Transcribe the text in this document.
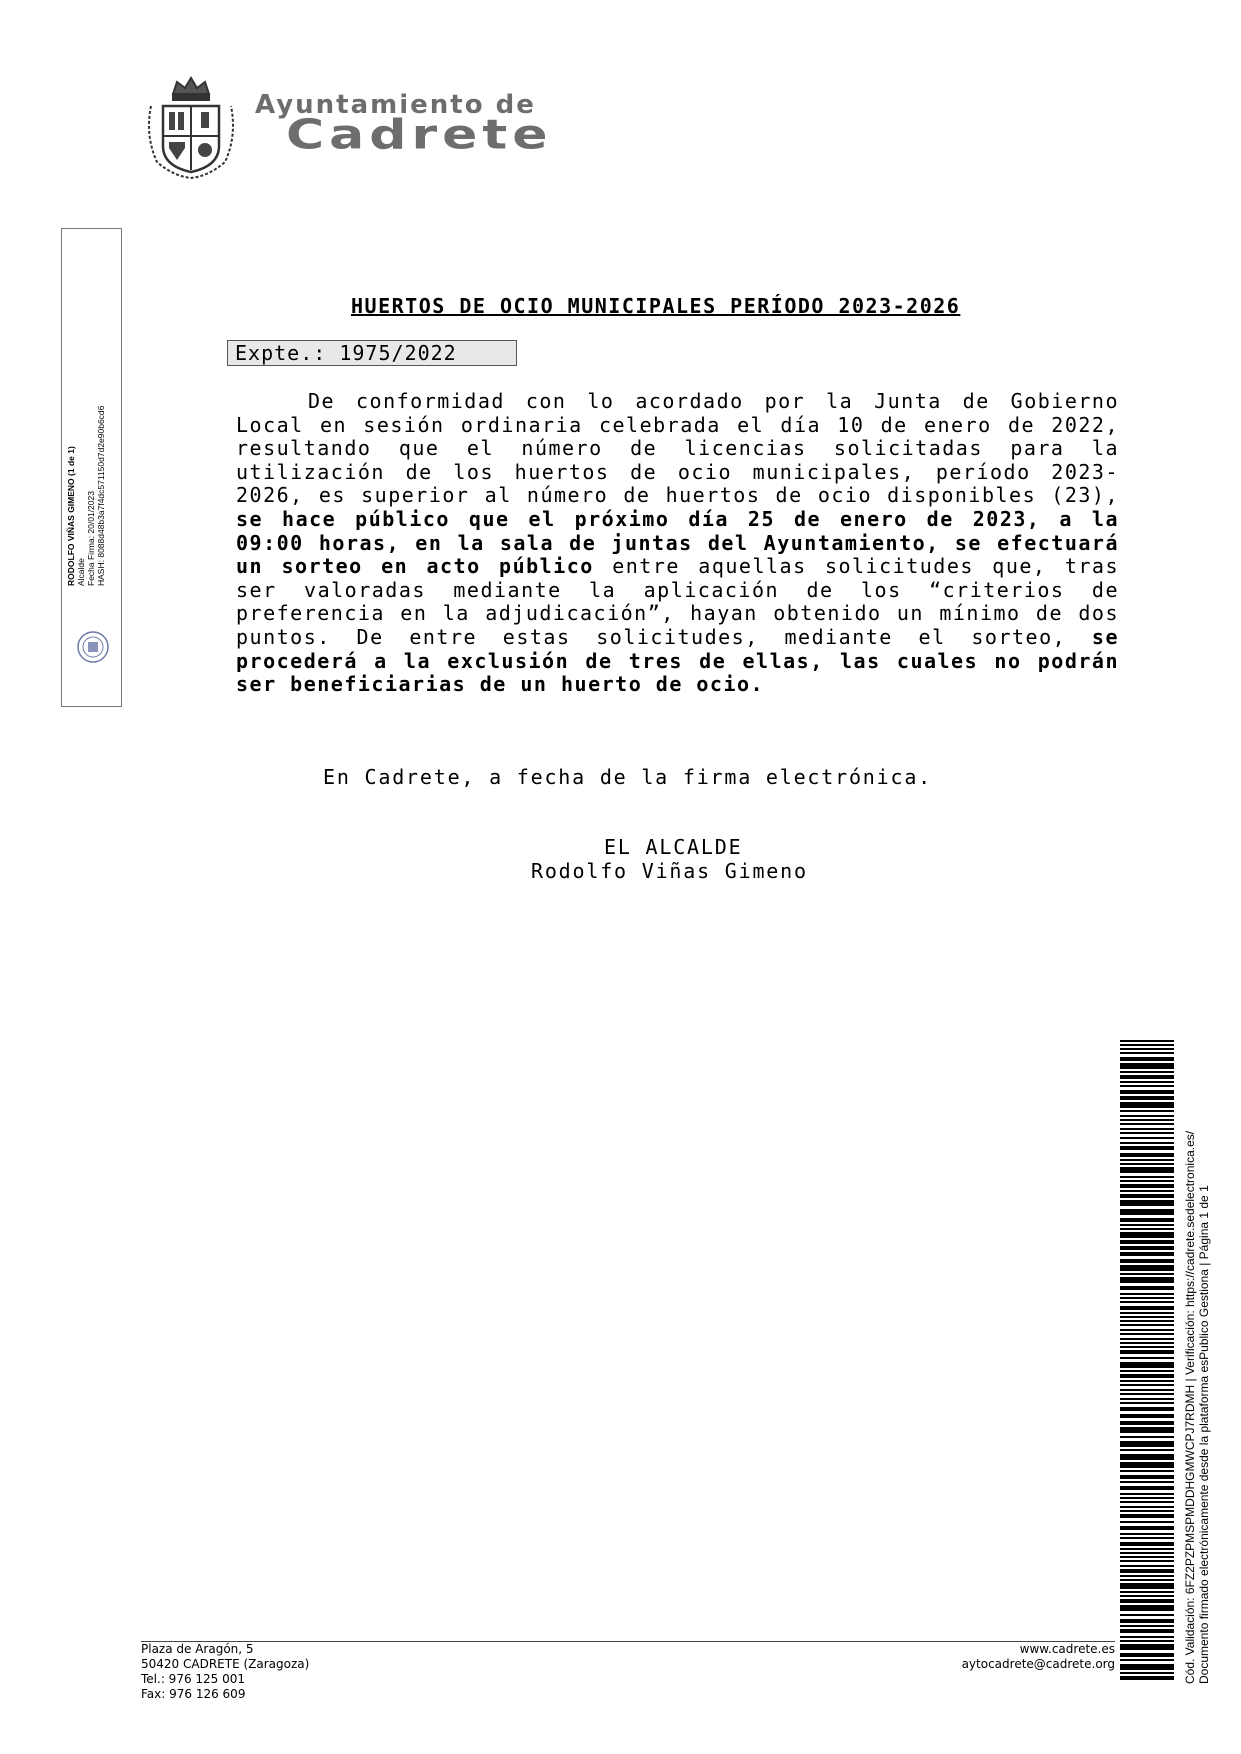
Ayuntamiento de
Cadrete
RODOLFO VIÑAS GIMENO (1 de 1) Alcalde Fecha Firma: 20/01/2023 HASH: 8088d48b3a7f4dc571150d7d2e90b6cd6
HUERTOS DE OCIO MUNICIPALES PERÍODO 2023-2026
Expte.: 1975/2022
De conformidad con lo acordado por la Junta de Gobierno Local en sesión ordinaria celebrada el día 10 de enero de 2022, resultando que el número de licencias solicitadas para la utilización de los huertos de ocio municipales, período 2023-2026, es superior al número de huertos de ocio disponibles (23), se hace público que el próximo día 25 de enero de 2023, a la 09:00 horas, en la sala de juntas del Ayuntamiento, se efectuará un sorteo en acto público entre aquellas solicitudes que, tras ser valoradas mediante la aplicación de los “criterios de preferencia en la adjudicación”, hayan obtenido un mínimo de dos puntos. De entre estas solicitudes, mediante el sorteo, se procederá a la exclusión de tres de ellas, las cuales no podrán ser beneficiarias de un huerto de ocio.
En Cadrete, a fecha de la firma electrónica.
EL ALCALDE
Rodolfo Viñas Gimeno
Cód. Validación: 6FZ2PZPMSPMDDHGMWCPJ7RDMH | Verificación: https://cadrete.sedelectronica.es/ Documento firmado electrónicamente desde la plataforma esPublico Gestiona | Página 1 de 1
Plaza de Aragón, 5
50420 CADRETE (Zaragoza)
Tel.: 976 125 001
Fax: 976 126 609
www.cadrete.es
aytocadrete@cadrete.org
